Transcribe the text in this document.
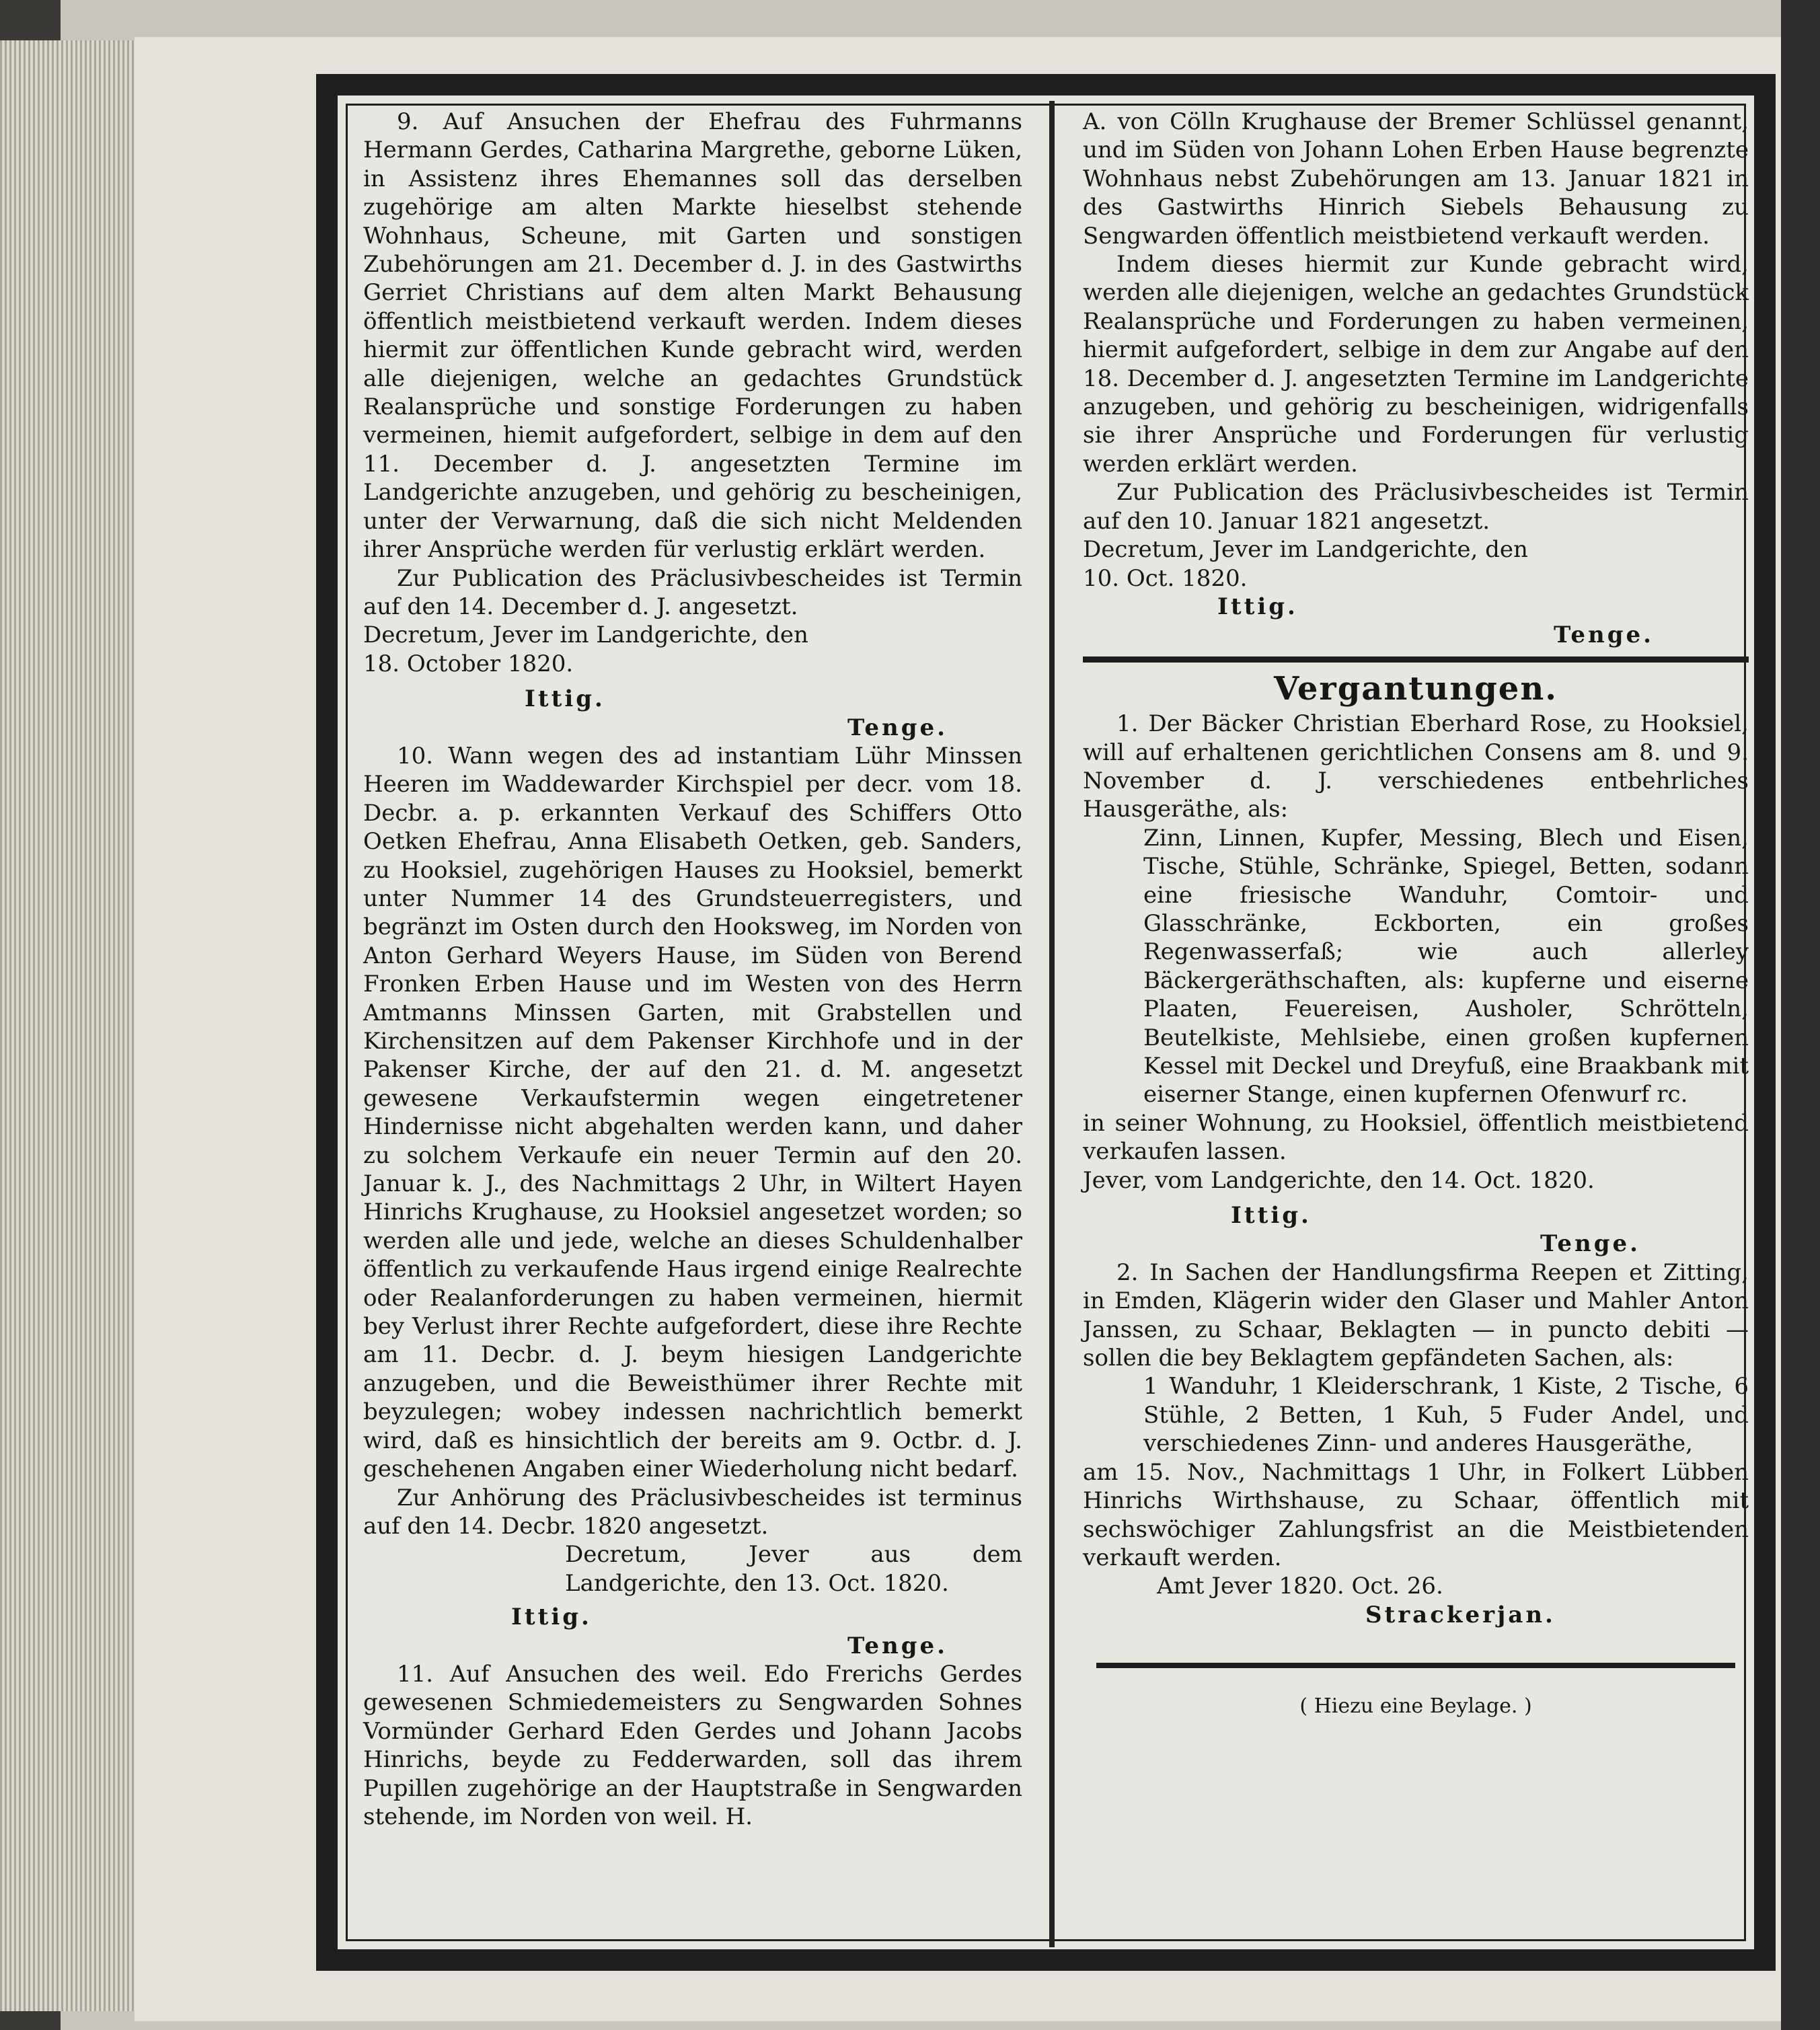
9. Auf Ansuchen der Ehefrau des Fuhrmanns Hermann Gerdes, Catharina Margrethe, geborne Lüken, in Assistenz ihres Ehemannes soll das derselben zugehörige am alten Markte hieselbst stehende Wohnhaus, Scheune, mit Garten und sonstigen Zubehörungen am 21. December d. J. in des Gastwirths Gerriet Christians auf dem alten Markt Behausung öffentlich meistbietend verkauft werden. Indem dieses hiermit zur öffentlichen Kunde gebracht wird, werden alle diejenigen, welche an gedachtes Grundstück Realansprüche und sonstige Forderungen zu haben vermeinen, hiemit aufgefordert, selbige in dem auf den 11. December d. J. angesetzten Termine im Landgerichte anzugeben, und gehörig zu bescheinigen, unter der Verwarnung, daß die sich nicht Meldenden ihrer Ansprüche werden für verlustig erklärt werden.

Zur Publication des Präclusivbescheides ist Termin auf den 14. December d. J. angesetzt.

Decretum, Jever im Landgerichte, den

18. October 1820.

Ittig.

Tenge.

10. Wann wegen des ad instantiam Lühr Minssen Heeren im Waddewarder Kirchspiel per decr. vom 18. Decbr. a. p. erkannten Verkauf des Schiffers Otto Oetken Ehefrau, Anna Elisabeth Oetken, geb. Sanders, zu Hooksiel, zugehörigen Hauses zu Hooksiel, bemerkt unter Nummer 14 des Grundsteuerregisters, und begränzt im Osten durch den Hooksweg, im Norden von Anton Gerhard Weyers Hause, im Süden von Berend Fronken Erben Hause und im Westen von des Herrn Amtmanns Minssen Garten, mit Grabstellen und Kirchensitzen auf dem Pakenser Kirchhofe und in der Pakenser Kirche, der auf den 21. d. M. angesetzt gewesene Verkaufstermin wegen eingetretener Hindernisse nicht abgehalten werden kann, und daher zu solchem Verkaufe ein neuer Termin auf den 20. Januar k. J., des Nachmittags 2 Uhr, in Wiltert Hayen Hinrichs Krughause, zu Hooksiel angesetzet worden; so werden alle und jede, welche an dieses Schuldenhalber öffentlich zu verkaufende Haus irgend einige Realrechte oder Realanforderungen zu haben vermeinen, hiermit bey Verlust ihrer Rechte aufgefordert, diese ihre Rechte am 11. Decbr. d. J. beym hiesigen Landgerichte anzugeben, und die Beweisthümer ihrer Rechte mit beyzulegen; wobey indessen nachrichtlich bemerkt wird, daß es hinsichtlich der bereits am 9. Octbr. d. J. geschehenen Angaben einer Wiederholung nicht bedarf.

Zur Anhörung des Präclusivbescheides ist terminus auf den 14. Decbr. 1820 angesetzt.

Decretum, Jever aus dem Landgerichte, den 13. Oct. 1820.

Ittig.

Tenge.

11. Auf Ansuchen des weil. Edo Frerichs Gerdes gewesenen Schmiedemeisters zu Sengwarden Sohnes Vormünder Gerhard Eden Gerdes und Johann Jacobs Hinrichs, beyde zu Fedderwarden, soll das ihrem Pupillen zugehörige an der Hauptstraße in Sengwarden stehende, im Norden von weil. H.

A. von Cölln Krughause der Bremer Schlüssel genannt, und im Süden von Johann Lohen Erben Hause begrenzte Wohnhaus nebst Zubehörungen am 13. Januar 1821 in des Gastwirths Hinrich Siebels Behausung zu Sengwarden öffentlich meistbietend verkauft werden.

Indem dieses hiermit zur Kunde gebracht wird, werden alle diejenigen, welche an gedachtes Grundstück Realansprüche und Forderungen zu haben vermeinen, hiermit aufgefordert, selbige in dem zur Angabe auf den 18. December d. J. angesetzten Termine im Landgerichte anzugeben, und gehörig zu bescheinigen, widrigenfalls sie ihrer Ansprüche und Forderungen für verlustig werden erklärt werden.

Zur Publication des Präclusivbescheides ist Termin auf den 10. Januar 1821 angesetzt.

Decretum, Jever im Landgerichte, den

10. Oct. 1820.

Ittig.

Tenge.

Vergantungen.

1. Der Bäcker Christian Eberhard Rose, zu Hooksiel, will auf erhaltenen gerichtlichen Consens am 8. und 9. November d. J. verschiedenes entbehrliches Hausgeräthe, als:

Zinn, Linnen, Kupfer, Messing, Blech und Eisen, Tische, Stühle, Schränke, Spiegel, Betten, sodann eine friesische Wanduhr, Comtoir- und Glasschränke, Eckborten, ein großes Regenwasserfaß; wie auch allerley Bäckergeräthschaften, als: kupferne und eiserne Plaaten, Feuereisen, Ausholer, Schrötteln, Beutelkiste, Mehlsiebe, einen großen kupfernen Kessel mit Deckel und Dreyfuß, eine Braakbank mit eiserner Stange, einen kupfernen Ofenwurf rc.

in seiner Wohnung, zu Hooksiel, öffentlich meistbietend verkaufen lassen.

Jever, vom Landgerichte, den 14. Oct. 1820.

Ittig.

Tenge.

2. In Sachen der Handlungsfirma Reepen et Zitting, in Emden, Klägerin wider den Glaser und Mahler Anton Janssen, zu Schaar, Beklagten — in puncto debiti — sollen die bey Beklagtem gepfändeten Sachen, als:

1 Wanduhr, 1 Kleiderschrank, 1 Kiste, 2 Tische, 6 Stühle, 2 Betten, 1 Kuh, 5 Fuder Andel, und verschiedenes Zinn- und anderes Hausgeräthe,

am 15. Nov., Nachmittags 1 Uhr, in Folkert Lübben Hinrichs Wirthshause, zu Schaar, öffentlich mit sechswöchiger Zahlungsfrist an die Meistbietenden verkauft werden.

Amt Jever 1820. Oct. 26.

Strackerjan.

( Hiezu eine Beylage. )
